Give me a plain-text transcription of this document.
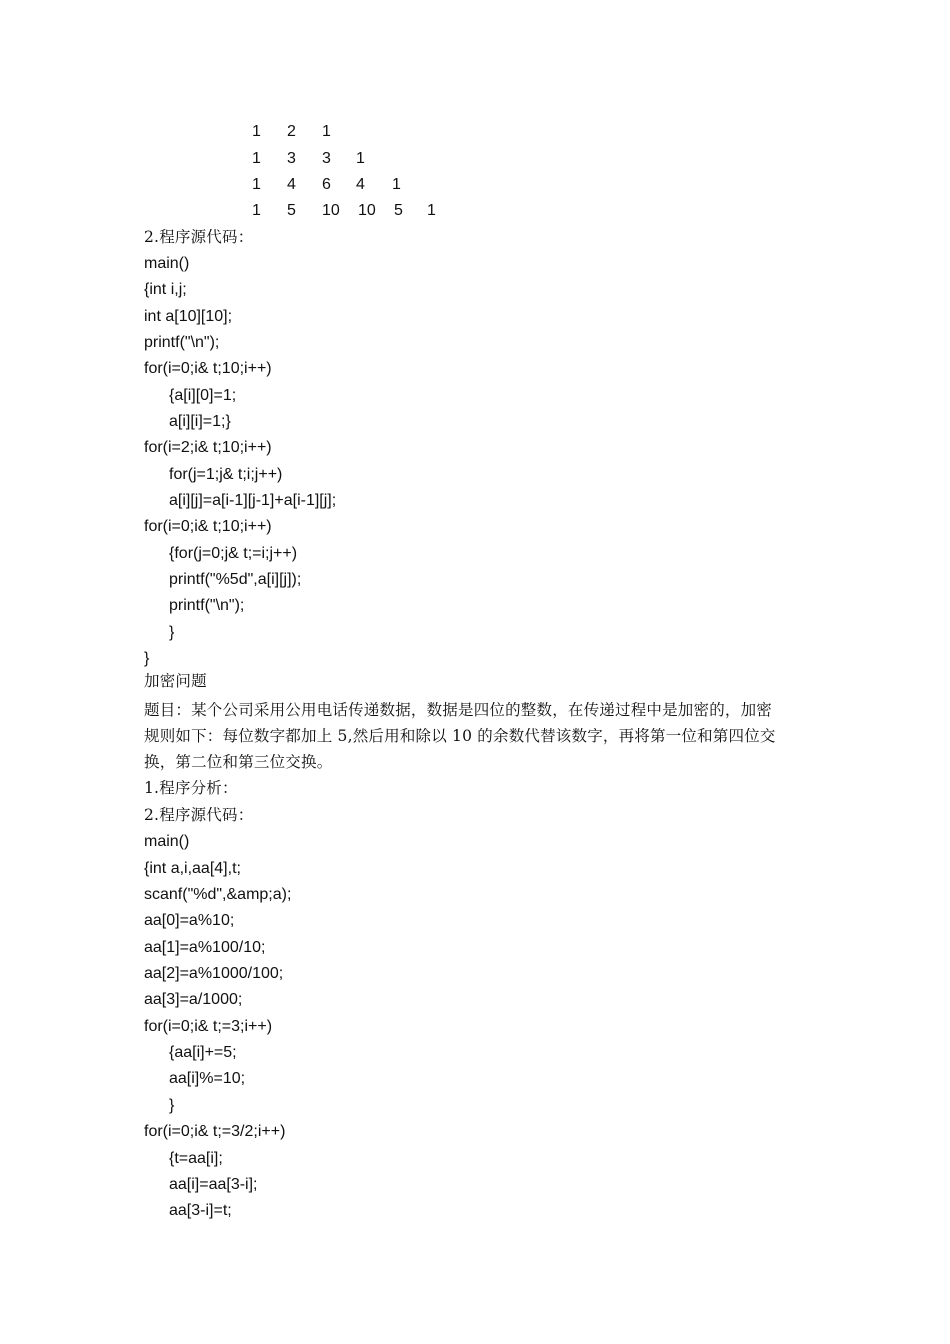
1 2 1
1 3 3 1
1 4 6 4 1
1 5 10 10 5 1
2.程序源代码：
main()
{int i,j;
int a[10][10];
printf("\n");
for(i=0;i& t;10;i++)
{a[i][0]=1;
a[i][i]=1;}
for(i=2;i& t;10;i++)
for(j=1;j& t;i;j++)
a[i][j]=a[i-1][j-1]+a[i-1][j];
for(i=0;i& t;10;i++)
{for(j=0;j& t;=i;j++)
printf("%5d",a[i][j]);
printf("\n");
}
}
加密问题
题目：某个公司采用公用电话传递数据，数据是四位的整数，在传递过程中是加密的，加密
规则如下：每位数字都加上 5,然后用和除以 10 的余数代替该数字，再将第一位和第四位交
换，第二位和第三位交换。
1.程序分析：
2.程序源代码：
main()
{int a,i,aa[4],t;
scanf("%d",&amp;a);
aa[0]=a%10;
aa[1]=a%100/10;
aa[2]=a%1000/100;
aa[3]=a/1000;
for(i=0;i& t;=3;i++)
{aa[i]+=5;
aa[i]%=10;
}
for(i=0;i& t;=3/2;i++)
{t=aa[i];
aa[i]=aa[3-i];
aa[3-i]=t;
